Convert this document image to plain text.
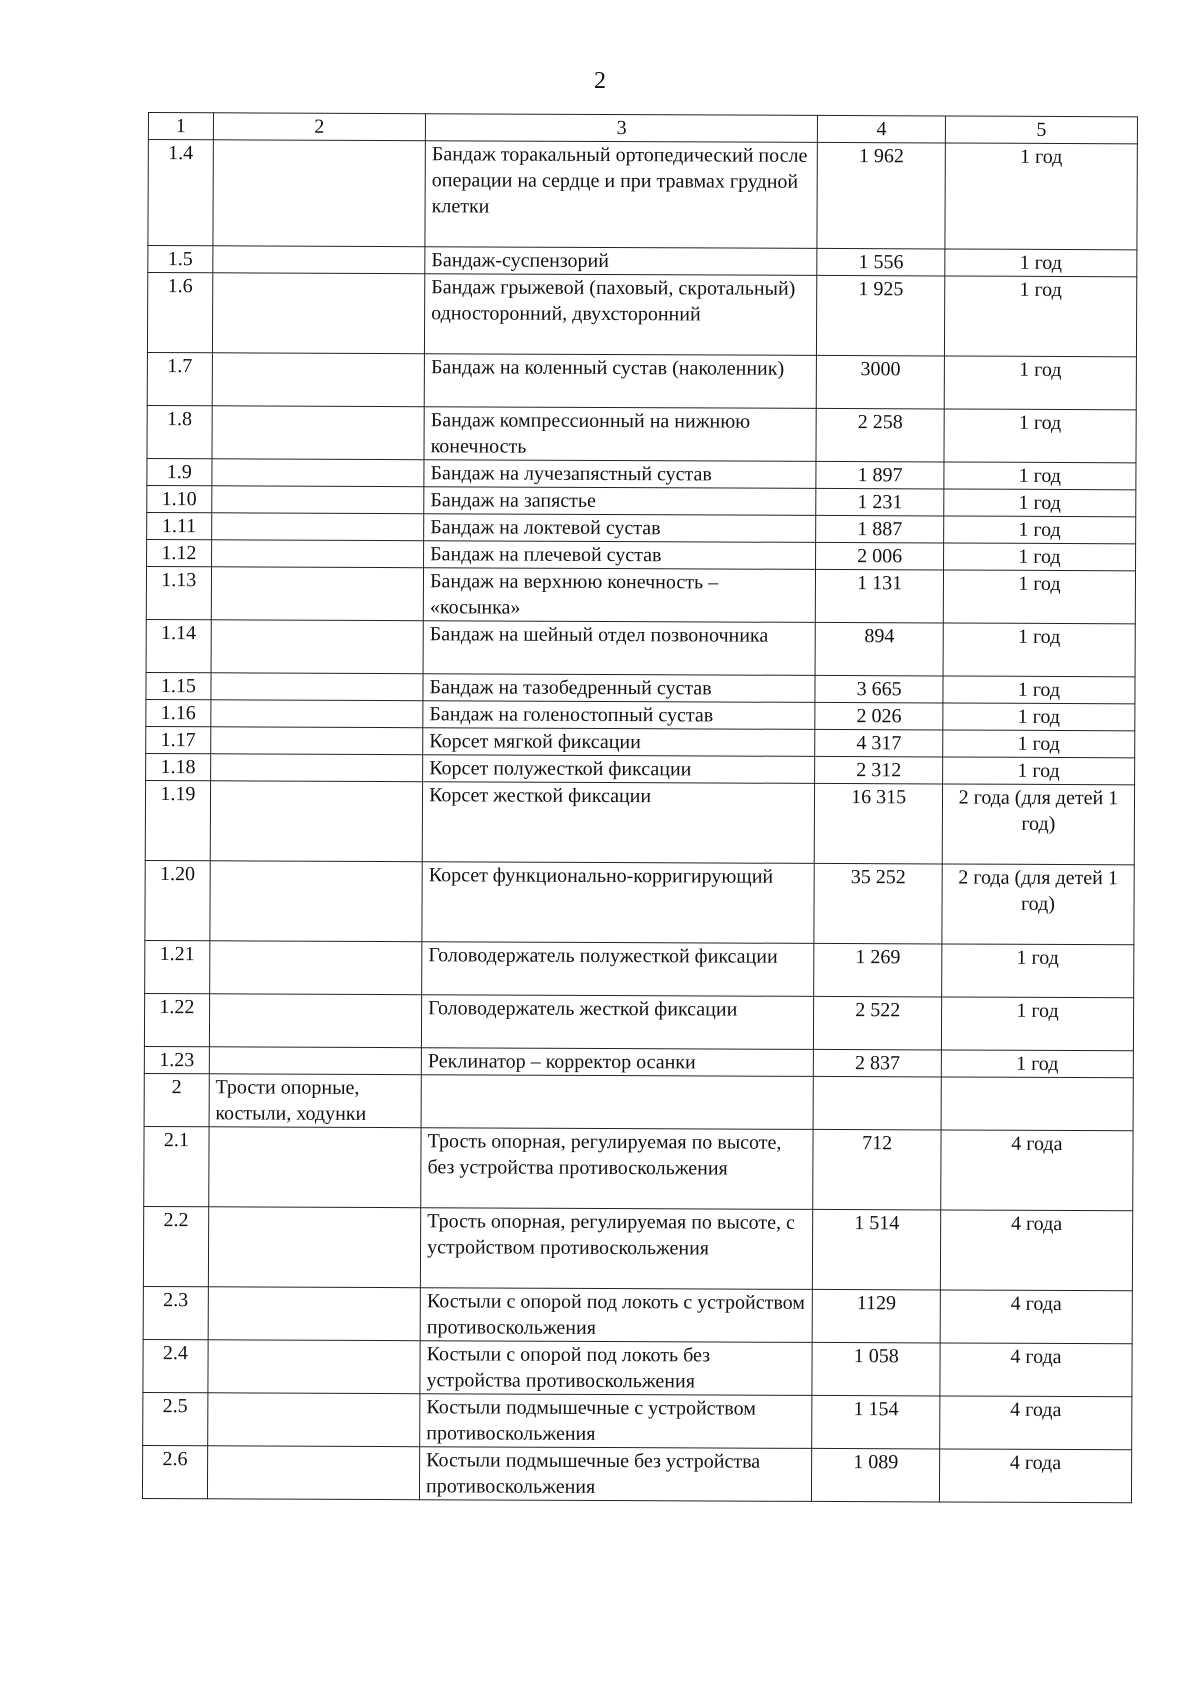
2
1	2	3	4	5
1.4		Бандаж торакальный ортопедический после операции на сердце и при травмах грудной клетки	1 962	1 год
1.5		Бандаж-суспензорий	1 556	1 год
1.6		Бандаж грыжевой (паховый, скротальный) односторонний, двухсторонний	1 925	1 год
1.7		Бандаж на коленный сустав (наколенник)	3000	1 год
1.8		Бандаж компрессионный на нижнюю конечность	2 258	1 год
1.9		Бандаж на лучезапястный сустав	1 897	1 год
1.10		Бандаж на запястье	1 231	1 год
1.11		Бандаж на локтевой сустав	1 887	1 год
1.12		Бандаж на плечевой сустав	2 006	1 год
1.13		Бандаж на верхнюю конечность – «косынка»	1 131	1 год
1.14		Бандаж на шейный отдел позвоночника	894	1 год
1.15		Бандаж на тазобедренный сустав	3 665	1 год
1.16		Бандаж на голеностопный сустав	2 026	1 год
1.17		Корсет мягкой фиксации	4 317	1 год
1.18		Корсет полужесткой фиксации	2 312	1 год
1.19		Корсет жесткой фиксации	16 315	2 года (для детей 1 год)
1.20		Корсет функционально-корригирующий	35 252	2 года (для детей 1 год)
1.21		Головодержатель полужесткой фиксации	1 269	1 год
1.22		Головодержатель жесткой фиксации	2 522	1 год
1.23		Реклинатор – корректор осанки	2 837	1 год
2	Трости опорные, костыли, ходунки			
2.1		Трость опорная, регулируемая по высоте, без устройства противоскольжения	712	4 года
2.2		Трость опорная, регулируемая по высоте, с устройством противоскольжения	1 514	4 года
2.3		Костыли с опорой под локоть с устройством противоскольжения	1129	4 года
2.4		Костыли с опорой под локоть без устройства противоскольжения	1 058	4 года
2.5		Костыли подмышечные с устройством противоскольжения	1 154	4 года
2.6		Костыли подмышечные без устройства противоскольжения	1 089	4 года
